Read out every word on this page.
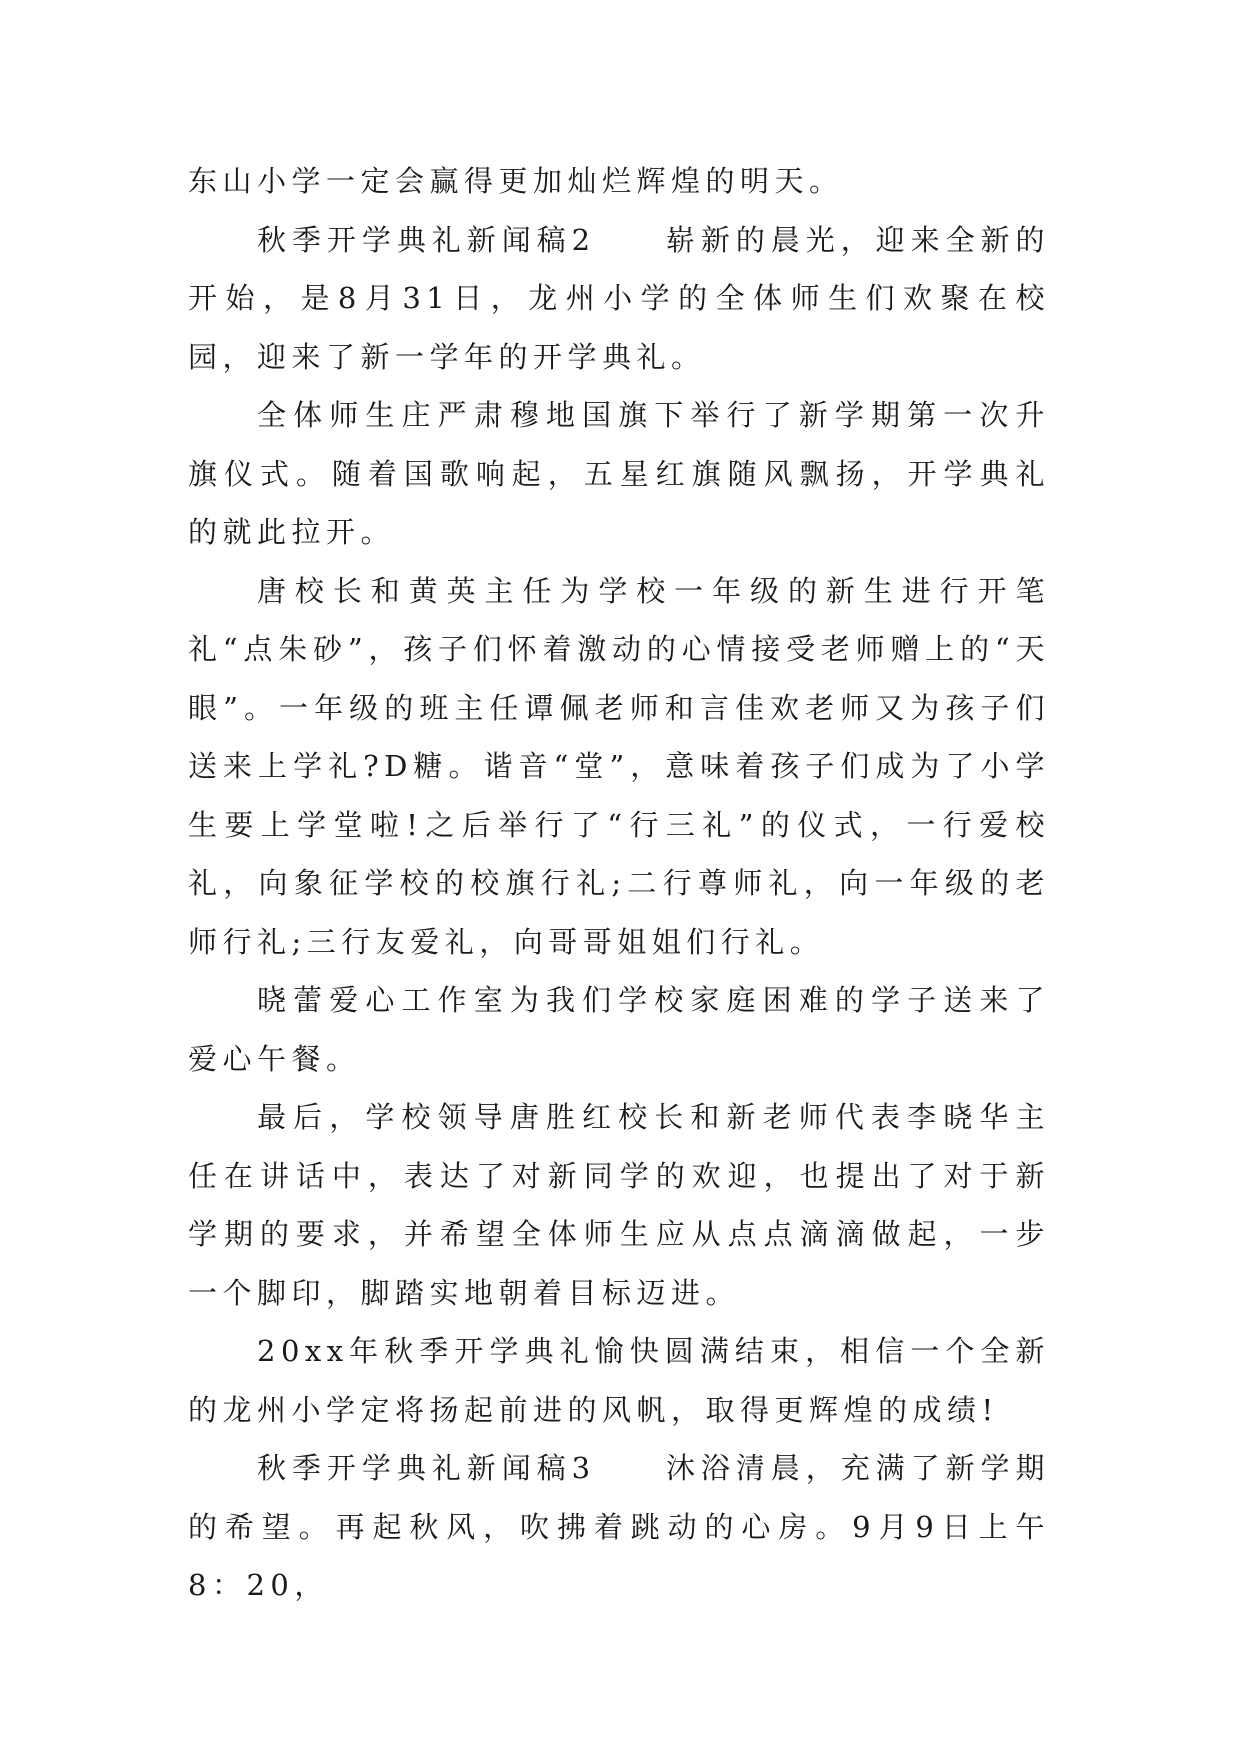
东山小学一定会赢得更加灿烂辉煌的明天。

秋季开学典礼新闻稿2　　崭新的晨光，迎来全新的开始，是8月31日，龙州小学的全体师生们欢聚在校园，迎来了新一学年的开学典礼。

全体师生庄严肃穆地国旗下举行了新学期第一次升旗仪式。随着国歌响起，五星红旗随风飘扬，开学典礼的就此拉开。

唐校长和黄英主任为学校一年级的新生进行开笔礼“点朱砂”，孩子们怀着激动的心情接受老师赠上的“天眼”。一年级的班主任谭佩老师和言佳欢老师又为孩子们送来上学礼?D糖。谐音“堂”，意味着孩子们成为了小学生要上学堂啦!之后举行了“行三礼”的仪式，一行爱校礼，向象征学校的校旗行礼;二行尊师礼，向一年级的老师行礼;三行友爱礼，向哥哥姐姐们行礼。

晓蕾爱心工作室为我们学校家庭困难的学子送来了爱心午餐。

最后，学校领导唐胜红校长和新老师代表李晓华主任在讲话中，表达了对新同学的欢迎，也提出了对于新学期的要求，并希望全体师生应从点点滴滴做起，一步一个脚印，脚踏实地朝着目标迈进。

20xx年秋季开学典礼愉快圆满结束，相信一个全新的龙州小学定将扬起前进的风帆，取得更辉煌的成绩!

秋季开学典礼新闻稿3　　沐浴清晨，充满了新学期的希望。再起秋风，吹拂着跳动的心房。9月9日上午8：20，
